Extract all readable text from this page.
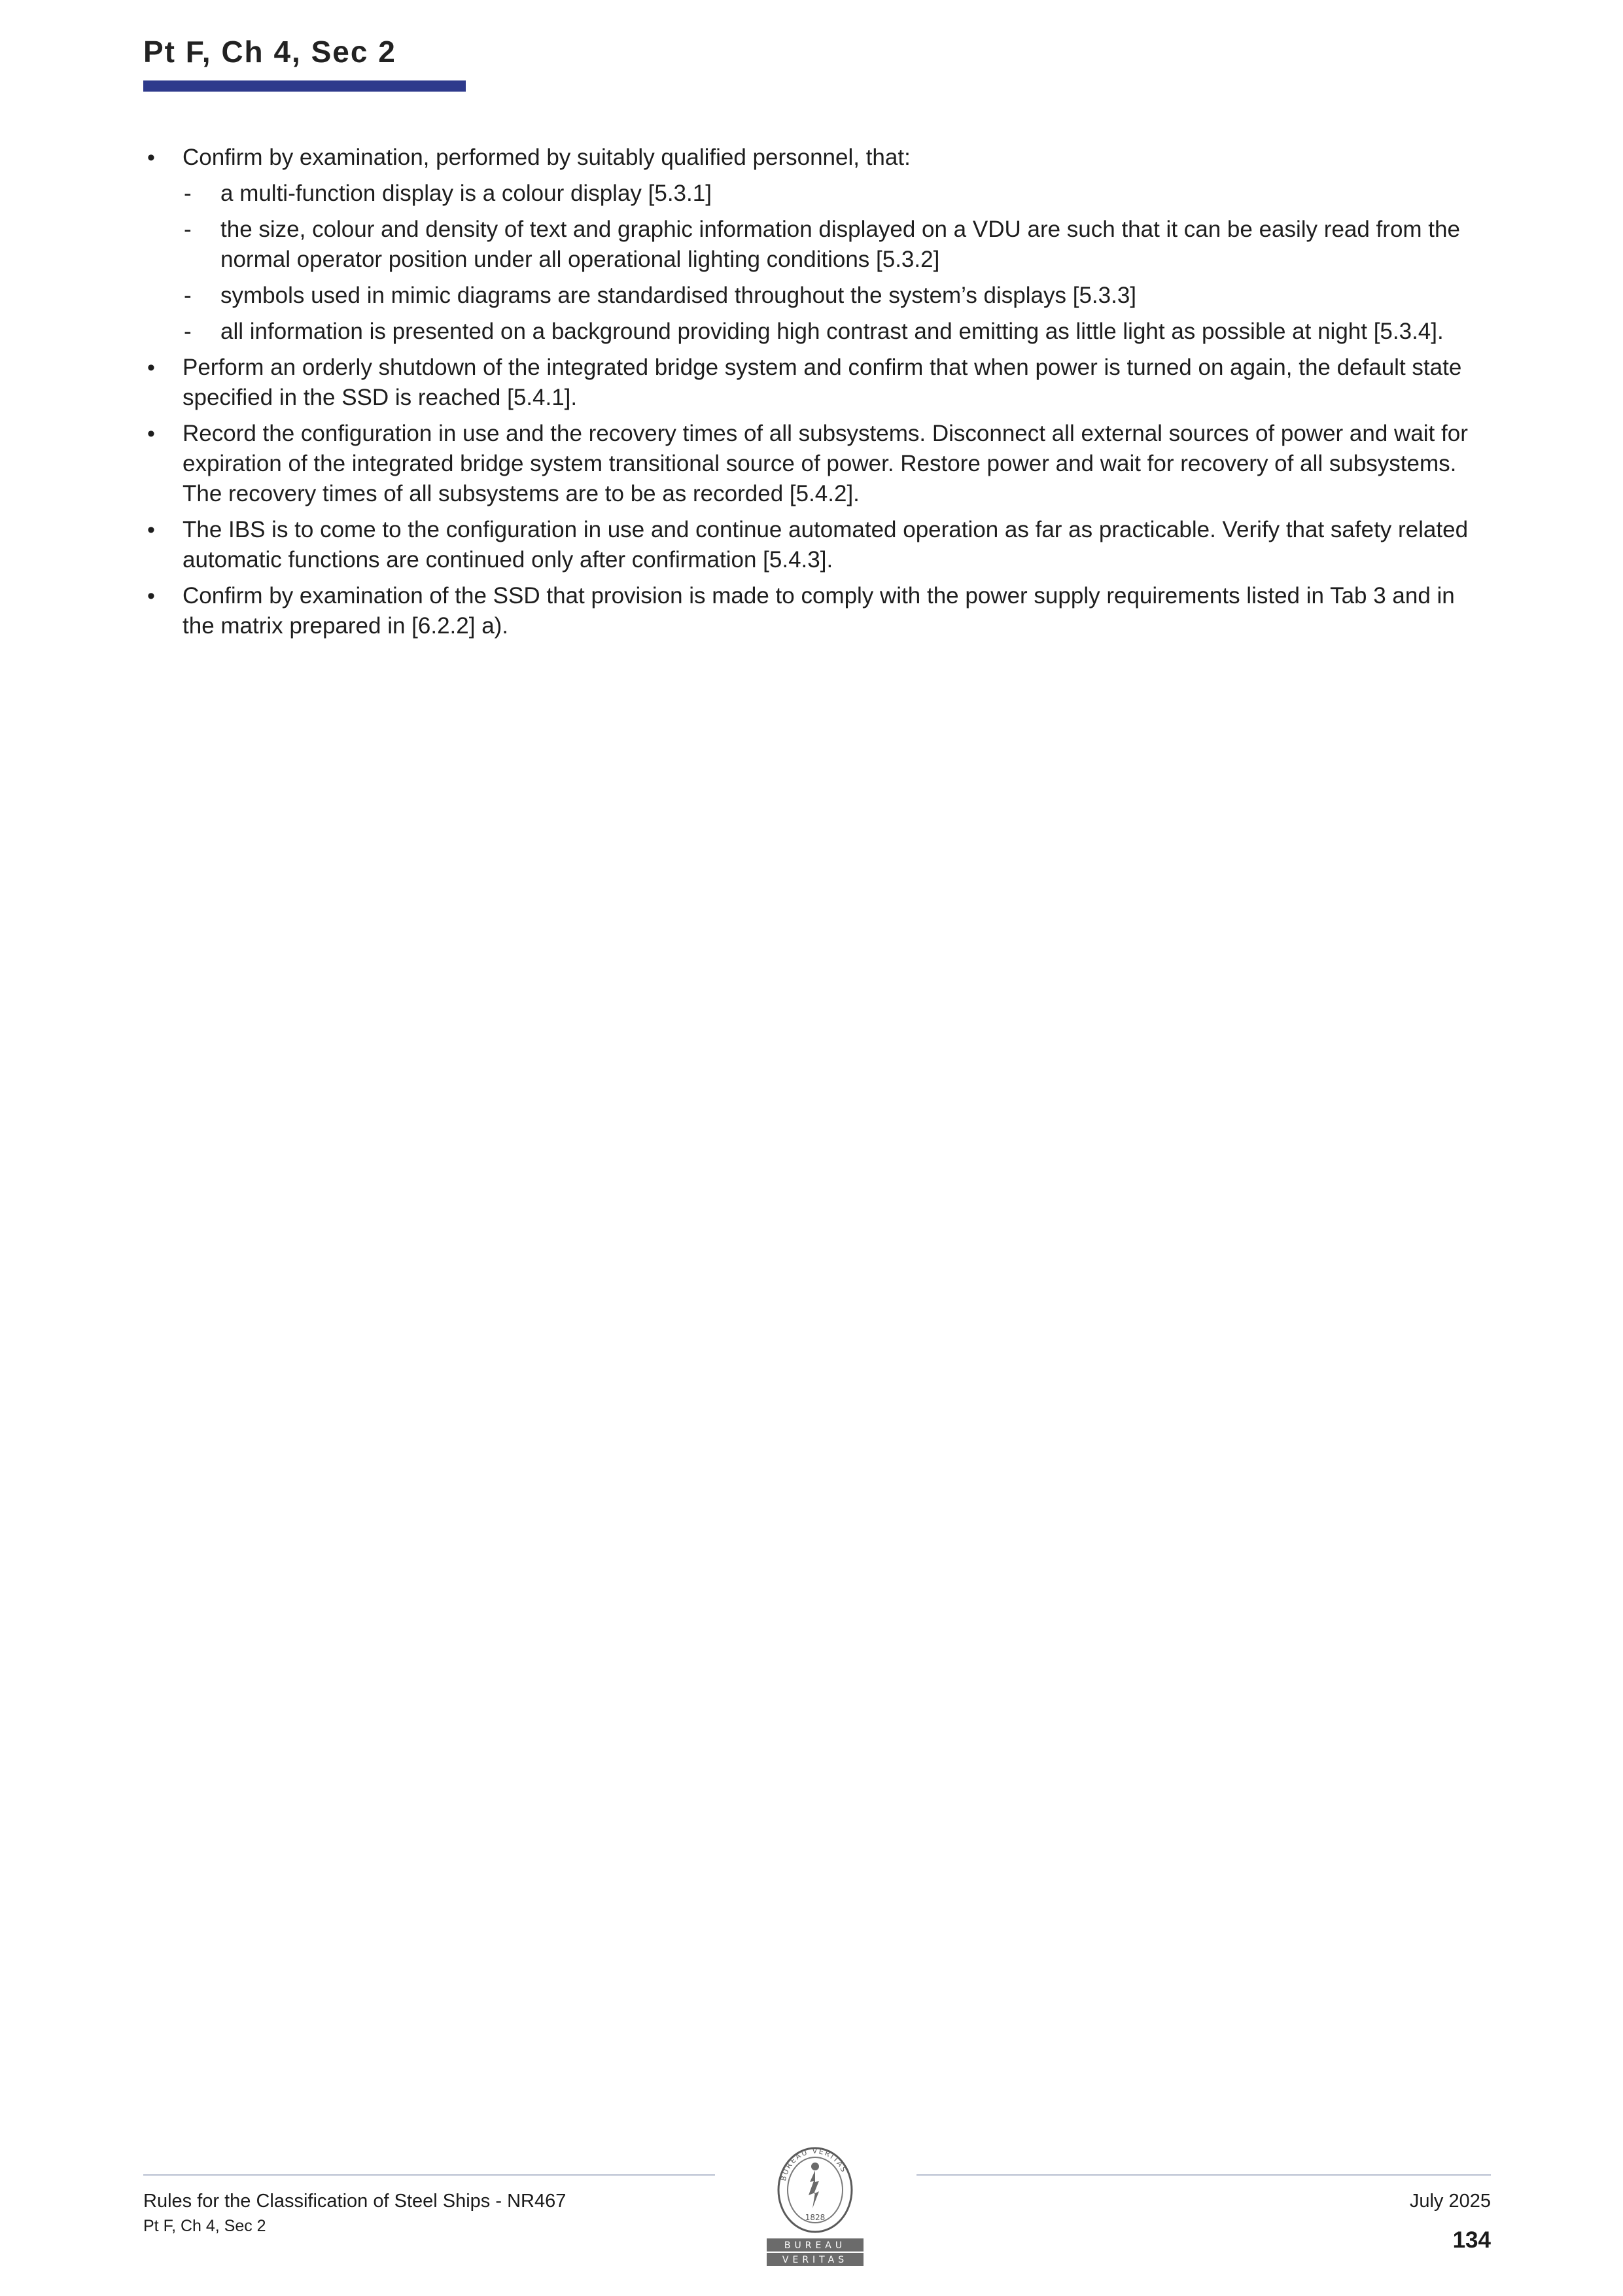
Pt F, Ch 4, Sec 2
• Confirm by examination, performed by suitably qualified personnel, that:
- a multi-function display is a colour display [5.3.1]
- the size, colour and density of text and graphic information displayed on a VDU are such that it can be easily read from the normal operator position under all operational lighting conditions [5.3.2]
- symbols used in mimic diagrams are standardised throughout the system’s displays [5.3.3]
- all information is presented on a background providing high contrast and emitting as little light as possible at night [5.3.4].
• Perform an orderly shutdown of the integrated bridge system and confirm that when power is turned on again, the default state specified in the SSD is reached [5.4.1].
• Record the configuration in use and the recovery times of all subsystems. Disconnect all external sources of power and wait for expiration of the integrated bridge system transitional source of power. Restore power and wait for recovery of all subsystems. The recovery times of all subsystems are to be as recorded [5.4.2].
• The IBS is to come to the configuration in use and continue automated operation as far as practicable. Verify that safety related automatic functions are continued only after confirmation [5.4.3].
• Confirm by examination of the SSD that provision is made to comply with the power supply requirements listed in Tab 3 and in the matrix prepared in [6.2.2] a).
Rules for the Classification of Steel Ships - NR467
Pt F, Ch 4, Sec 2
July 2025
134
BUREAU VERITAS
1828
BUREAU
VERITAS
